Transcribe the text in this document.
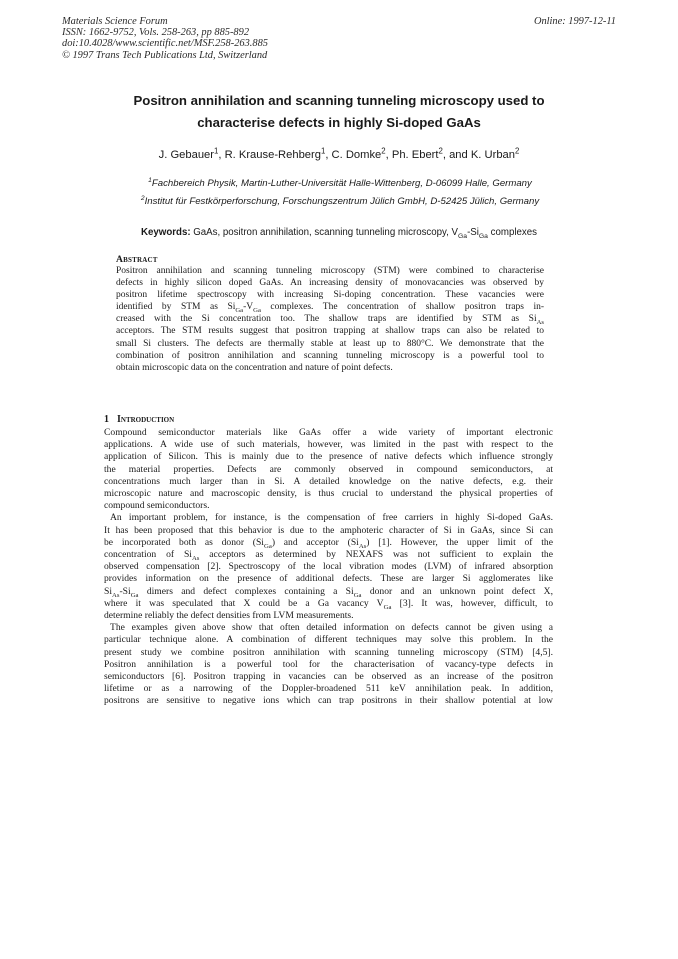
Materials Science Forum
ISSN: 1662-9752, Vols. 258-263, pp 885-892
doi:10.4028/www.scientific.net/MSF.258-263.885
© 1997 Trans Tech Publications Ltd, Switzerland
Online: 1997-12-11
Positron annihilation and scanning tunneling microscopy used to
characterise defects in highly Si-doped GaAs
J. Gebauer$^1$, R. Krause-Rehberg$^1$, C. Domke$^2$, Ph. Ebert$^2$, and K. Urban$^2$
$^1$Fachbereich Physik, Martin-Luther-Universität Halle-Wittenberg, D-06099 Halle, Germany
$^2$Institut für Festkörperforschung, Forschungszentrum Jülich GmbH, D-52425 Jülich, Germany
Keywords: GaAs, positron annihilation, scanning tunneling microscopy, $V_{Ga}-Si_{Ga}$ complexes
Abstract
Positron annihilation and scanning tunneling microscopy (STM) were combined to characterise
defects in highly silicon doped GaAs. An increasing density of monovacancies was observed by
positron lifetime spectroscopy with increasing Si-doping concentration. These vacancies were
identified by STM as $Si_{Ga}-V_{Ga}$ complexes. The concentration of shallow positron traps in-
creased with the Si concentration too. The shallow traps are identified by STM as $Si_{As}$
acceptors. The STM results suggest that positron trapping at shallow traps can also be related to
small Si clusters. The defects are thermally stable at least up to 880°C. We demonstrate that the
combination of positron annihilation and scanning tunneling microscopy is a powerful tool to
obtain microscopic data on the concentration and nature of point defects.
1 Introduction
Compound semiconductor materials like GaAs offer a wide variety of important electronic
applications. A wide use of such materials, however, was limited in the past with respect to the
application of Silicon. This is mainly due to the presence of native defects which influence strongly
the material properties. Defects are commonly observed in compound semiconductors, at
concentrations much larger than in Si. A detailed knowledge on the native defects, e.g. their
microscopic nature and macroscopic density, is thus crucial to understand the physical properties of
compound semiconductors.
An important problem, for instance, is the compensation of free carriers in highly Si-doped GaAs.
It has been proposed that this behavior is due to the amphoteric character of Si in GaAs, since Si can
be incorporated both as donor $(Si_{Ga})$ and acceptor $(Si_{As})$ [1]. However, the upper limit of the
concentration of $Si_{As}$ acceptors as determined by NEXAFS was not sufficient to explain the
observed compensation [2]. Spectroscopy of the local vibration modes (LVM) of infrared absorption
provides information on the presence of additional defects. These are larger Si agglomerates like
$Si_{As}-Si_{Ga}$ dimers and defect complexes containing a $Si_{Ga}$ donor and an unknown point defect X,
where it was speculated that X could be a Ga vacancy $V_{Ga}$ [3]. It was, however, difficult, to
determine reliably the defect densities from LVM measurements.
The examples given above show that often detailed information on defects cannot be given using a
particular technique alone. A combination of different techniques may solve this problem. In the
present study we combine positron annihilation with scanning tunneling microscopy (STM) [4,5].
Positron annihilation is a powerful tool for the characterisation of vacancy-type defects in
semiconductors [6]. Positron trapping in vacancies can be observed as an increase of the positron
lifetime or as a narrowing of the Doppler-broadened 511 keV annihilation peak. In addition,
positrons are sensitive to negative ions which can trap positrons in their shallow potential at low
